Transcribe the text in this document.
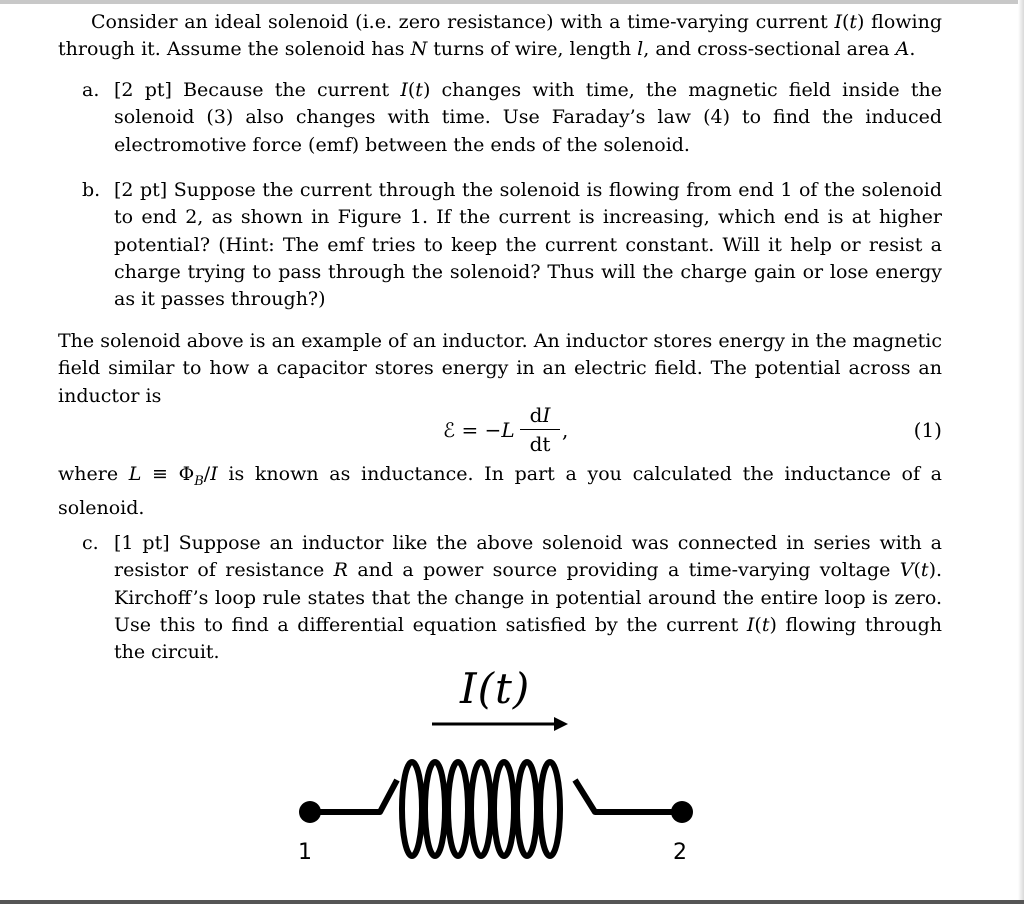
Consider an ideal solenoid (i.e. zero resistance) with a time-varying current I(t) flowing through it. Assume the solenoid has N turns of wire, length l, and cross-sectional area A.

a. [2 pt] Because the current I(t) changes with time, the magnetic field inside the solenoid (3) also changes with time. Use Faraday’s law (4) to find the induced electromotive force (emf) between the ends of the solenoid.
b. [2 pt] Suppose the current through the solenoid is flowing from end 1 of the solenoid to end 2, as shown in Figure 1. If the current is increasing, which end is at higher potential? (Hint: The emf tries to keep the current constant. Will it help or resist a charge trying to pass through the solenoid? Thus will the charge gain or lose energy as it passes through?)

The solenoid above is an example of an inductor. An inductor stores energy in the magnetic field similar to how a capacitor stores energy in an electric field. The potential across an inductor is

ℰ = −L
dI
dt
,	(1)

where $L \equiv \Phi_B/I$ is known as inductance. In part a you calculated the inductance of a solenoid.

c. [1 pt] Suppose an inductor like the above solenoid was connected in series with a resistor of resistance R and a power source providing a time-varying voltage V(t). Kirchoff’s loop rule states that the change in potential around the entire loop is zero. Use this to find a differential equation satisfied by the current I(t) flowing through the circuit.
I(t)
1	2
